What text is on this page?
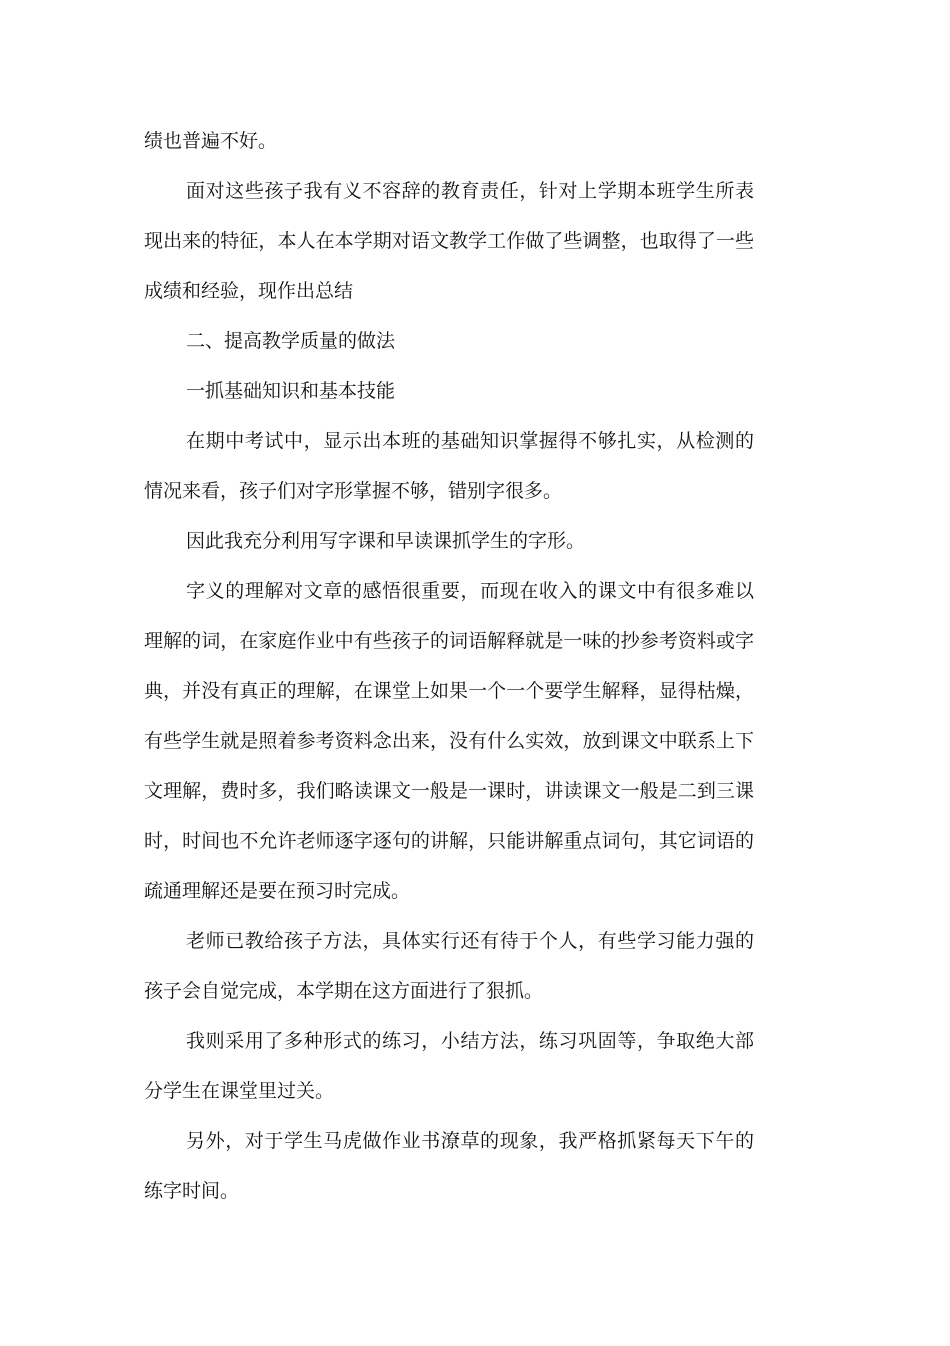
绩也普遍不好。

面对这些孩子我有义不容辞的教育责任，针对上学期本班学生所表现出来的特征，本人在本学期对语文教学工作做了些调整，也取得了一些成绩和经验，现作出总结

二、提高教学质量的做法

一抓基础知识和基本技能

在期中考试中，显示出本班的基础知识掌握得不够扎实，从检测的情况来看，孩子们对字形掌握不够，错别字很多。

因此我充分利用写字课和早读课抓学生的字形。

字义的理解对文章的感悟很重要，而现在收入的课文中有很多难以理解的词，在家庭作业中有些孩子的词语解释就是一味的抄参考资料或字典，并没有真正的理解，在课堂上如果一个一个要学生解释，显得枯燥，有些学生就是照着参考资料念出来，没有什么实效，放到课文中联系上下文理解，费时多，我们略读课文一般是一课时，讲读课文一般是二到三课时，时间也不允许老师逐字逐句的讲解，只能讲解重点词句，其它词语的疏通理解还是要在预习时完成。

老师已教给孩子方法，具体实行还有待于个人，有些学习能力强的孩子会自觉完成，本学期在这方面进行了狠抓。

我则采用了多种形式的练习，小结方法，练习巩固等，争取绝大部分学生在课堂里过关。

另外，对于学生马虎做作业书潦草的现象，我严格抓紧每天下午的练字时间。
